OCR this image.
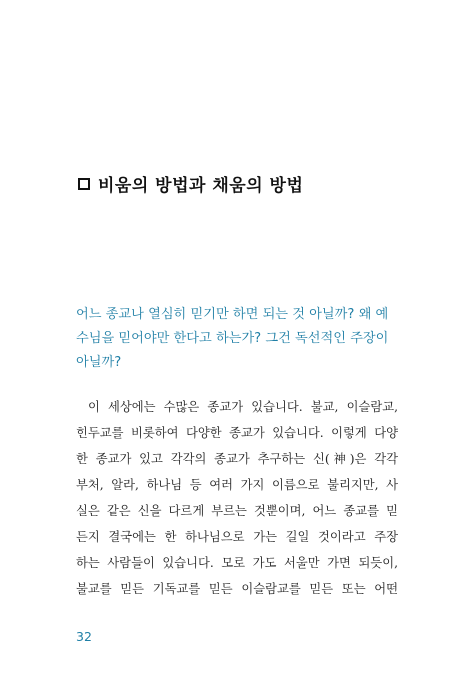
비움의 방법과 채움의 방법
어느 종교나 열심히 믿기만 하면 되는 것 아닐까? 왜 예
수님을 믿어야만 한다고 하는가? 그건 독선적인 주장이
아닐까?
이 세상에는 수많은 종교가 있습니다. 불교, 이슬람교,
힌두교를 비롯하여 다양한 종교가 있습니다. 이렇게 다양
한 종교가 있고 각각의 종교가 추구하는 신(神)은 각각
부처, 알라, 하나님 등 여러 가지 이름으로 불리지만, 사
실은 같은 신을 다르게 부르는 것뿐이며, 어느 종교를 믿
든지 결국에는 한 하나님으로 가는 길일 것이라고 주장
하는 사람들이 있습니다. 모로 가도 서울만 가면 되듯이,
불교를 믿든 기독교를 믿든 이슬람교를 믿든 또는 어떤
32
